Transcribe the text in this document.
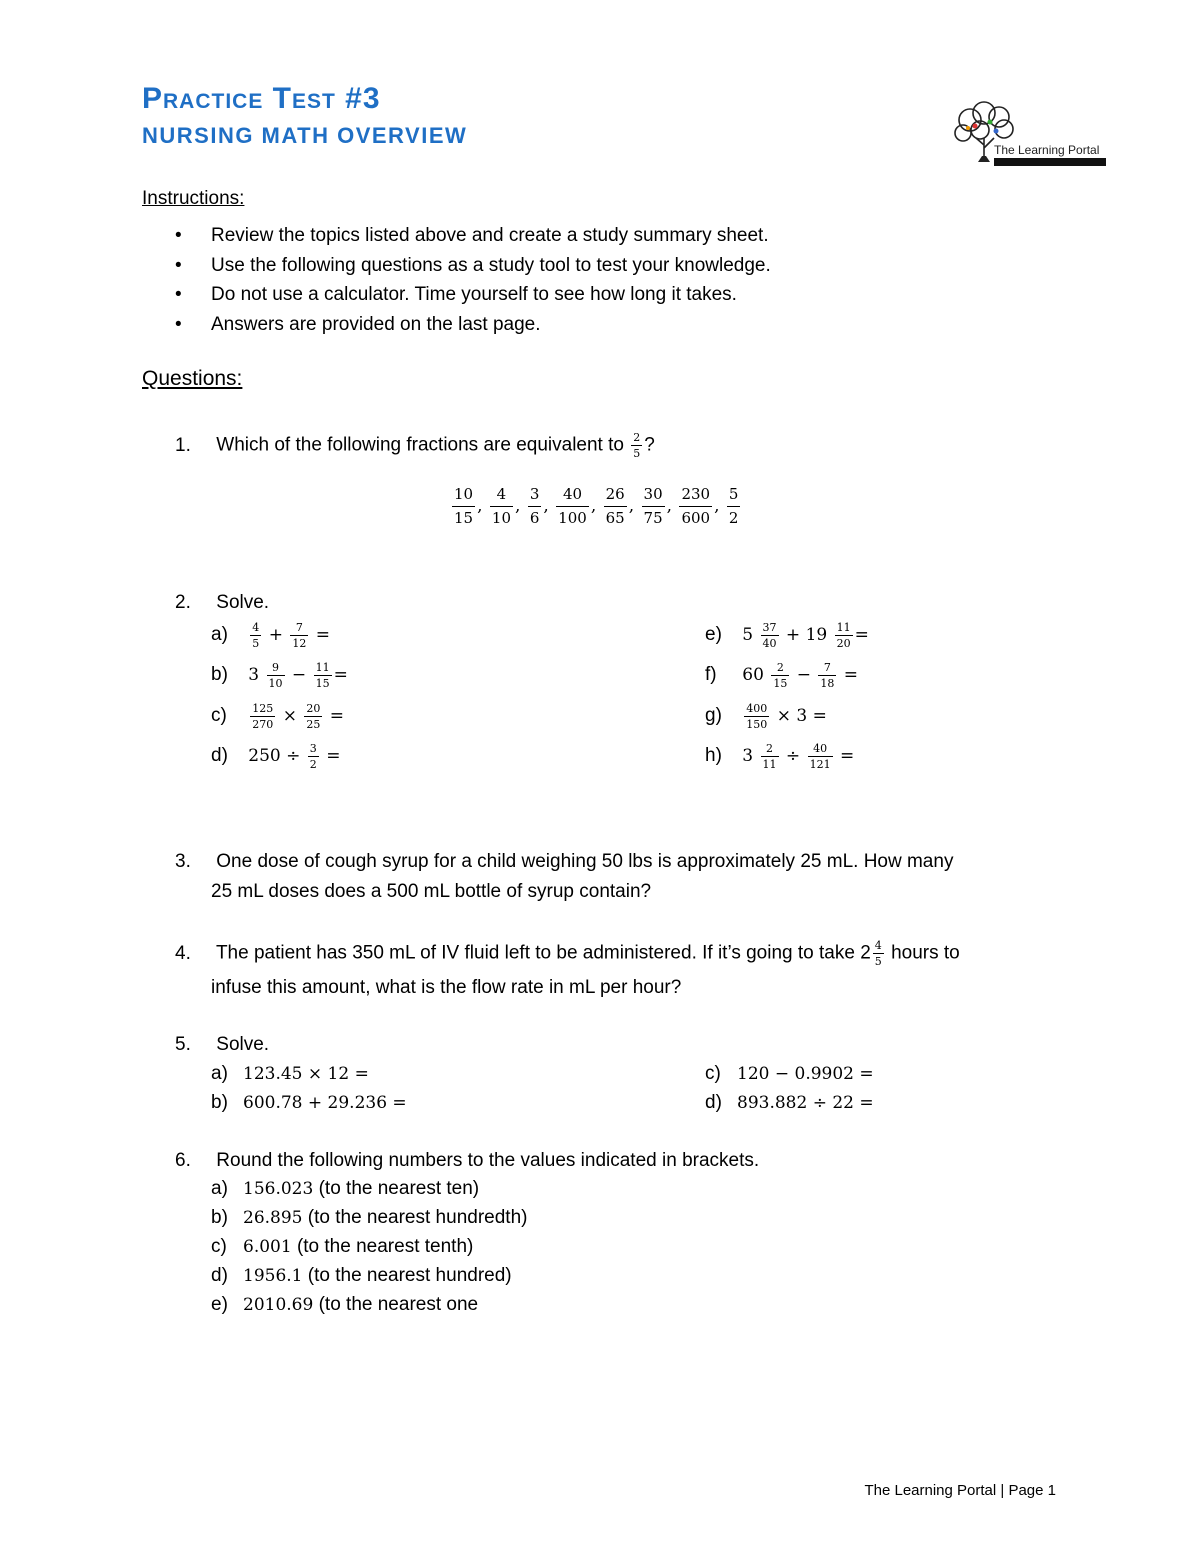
Practice Test #3
NURSING MATH OVERVIEW
The Learning Portal
Instructions:
• Review the topics listed above and create a study summary sheet.
• Use the following questions as a study tool to test your knowledge.
• Do not use a calculator. Time yourself to see how long it takes.
• Answers are provided on the last page.
Questions:
1. Which of the following fractions are equivalent to $\frac{2}{5}$ ?
$\frac{10}{15}$ , $\frac{4}{10}$ , $\frac{3}{6}$ , $\frac{40}{100}$ , $\frac{26}{65}$ , $\frac{30}{75}$ , $\frac{230}{600}$ , $\frac{5}{2}$
2. Solve.
$a) \frac{4}{5} + \frac{7}{12}$ =
b) $3 \frac{9}{10} - \frac{11}{15}$ =
$c) \frac{125}{270} \times \frac{20}{25}$ =
d) $250 \div \frac{3}{2}$ =
e) $5 \frac{37}{40} + 19 \frac{11}{20}$ =
f) $60 \frac{2}{15} - \frac{7}{18}$ =
$g) \frac{400}{150} \times 3$ =
h) $3 \frac{2}{11} \div \frac{40}{121}$ =
3. One dose of cough syrup for a child weighing 50 lbs is approximately 25 mL. How many
25 mL doses does a 500 mL bottle of syrup contain?
4. The patient has 350 mL of IV fluid left to be administered. If it’s going to take $2 \frac{4}{5}$ hours to
infuse this amount, what is the flow rate in mL per hour?
5. Solve.
a) 123.45 × 12 =
b) 600.78 + 29.236 =
c) 120 − 0.9902 =
d) 893.882 ÷ 22 =
6. Round the following numbers to the values indicated in brackets.
a) 156.023 (to the nearest ten)
b) 26.895 (to the nearest hundredth)
c) 6.001 (to the nearest tenth)
d) 1956.1 (to the nearest hundred)
e) 2010.69 (to the nearest one
The Learning Portal | Page 1
